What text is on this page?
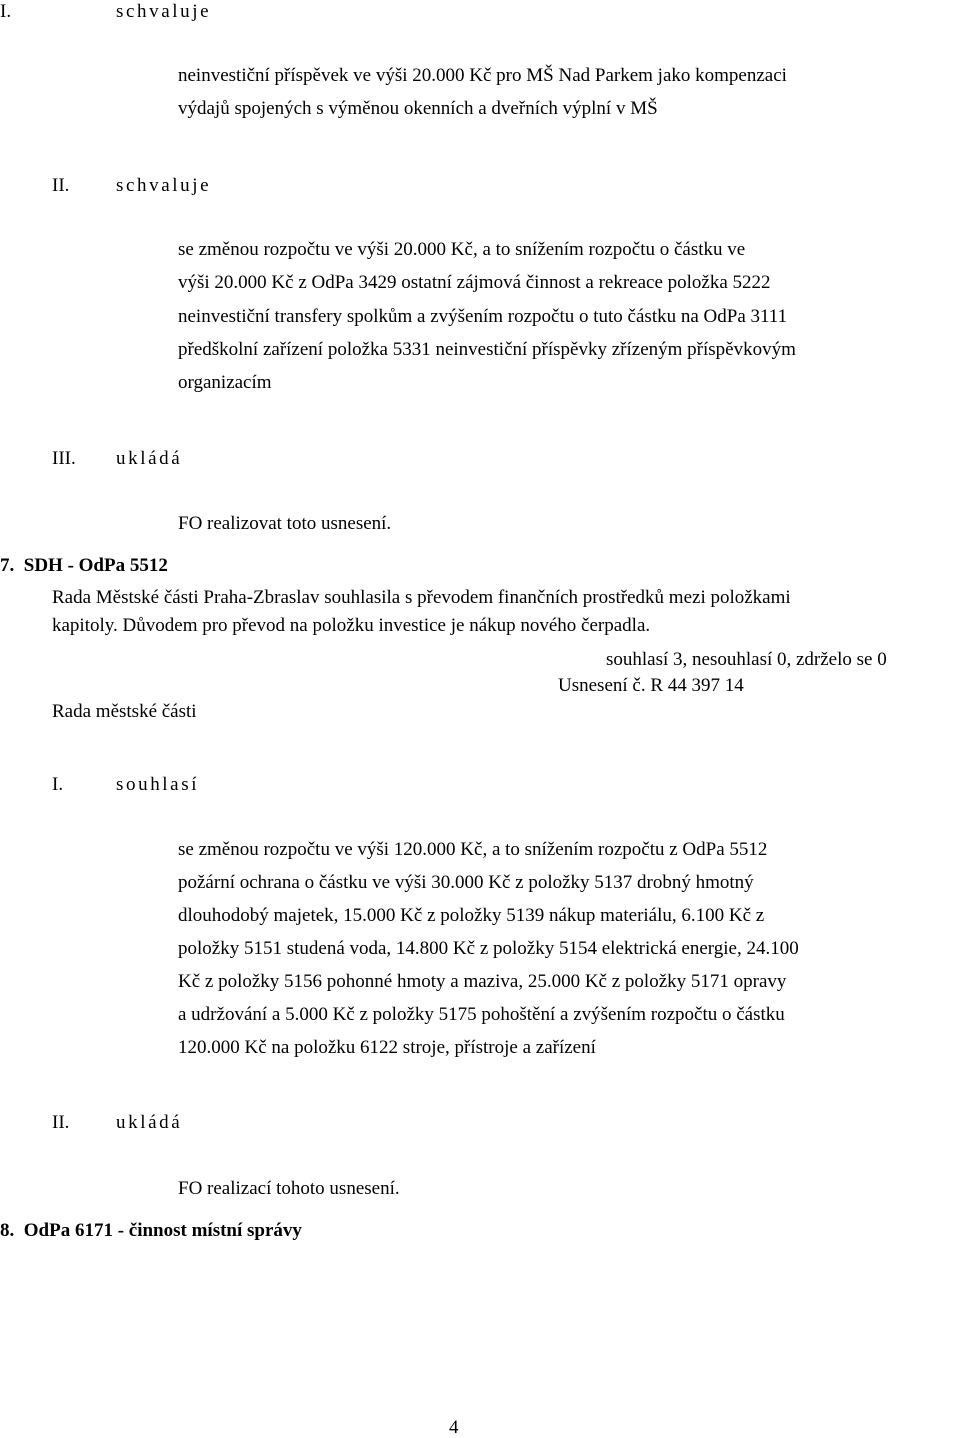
I.	schvaluje
neinvestiční příspěvek ve výši 20.000 Kč pro MŠ Nad Parkem jako kompenzaci
výdajů spojených s výměnou okenních a dveřních výplní v MŠ
II. schvaluje
se změnou rozpočtu ve výši 20.000 Kč, a to snížením rozpočtu o částku ve
výši 20.000 Kč z OdPa 3429 ostatní zájmová činnost a rekreace položka 5222
neinvestiční transfery spolkům a zvýšením rozpočtu o tuto částku na OdPa 3111
předškolní zařízení položka 5331 neinvestiční příspěvky zřízeným příspěvkovým
organizacím
III. ukládá
FO realizovat toto usnesení.
7.  SDH - OdPa 5512
Rada Městské části Praha-Zbraslav souhlasila s převodem finančních prostředků mezi položkami
kapitoly. Důvodem pro převod na položku investice je nákup nového čerpadla.
souhlasí 3, nesouhlasí 0, zdrželo se 0
Usnesení č. R 44 397 14
Rada městské části
I.	souhlasí
se změnou rozpočtu ve výši 120.000 Kč, a to snížením rozpočtu z OdPa 5512
požární ochrana o částku ve výši 30.000 Kč z položky 5137 drobný hmotný
dlouhodobý majetek, 15.000 Kč z položky 5139 nákup materiálu, 6.100 Kč z
položky 5151 studená voda, 14.800 Kč z položky 5154 elektrická energie, 24.100
Kč z položky 5156 pohonné hmoty a maziva, 25.000 Kč z položky 5171 opravy
a udržování a 5.000 Kč z položky 5175 pohoštění a zvýšením rozpočtu o částku
120.000 Kč na položku 6122 stroje, přístroje a zařízení
II. ukládá
FO realizací tohoto usnesení.
8.  OdPa 6171 - činnost místní správy
4
